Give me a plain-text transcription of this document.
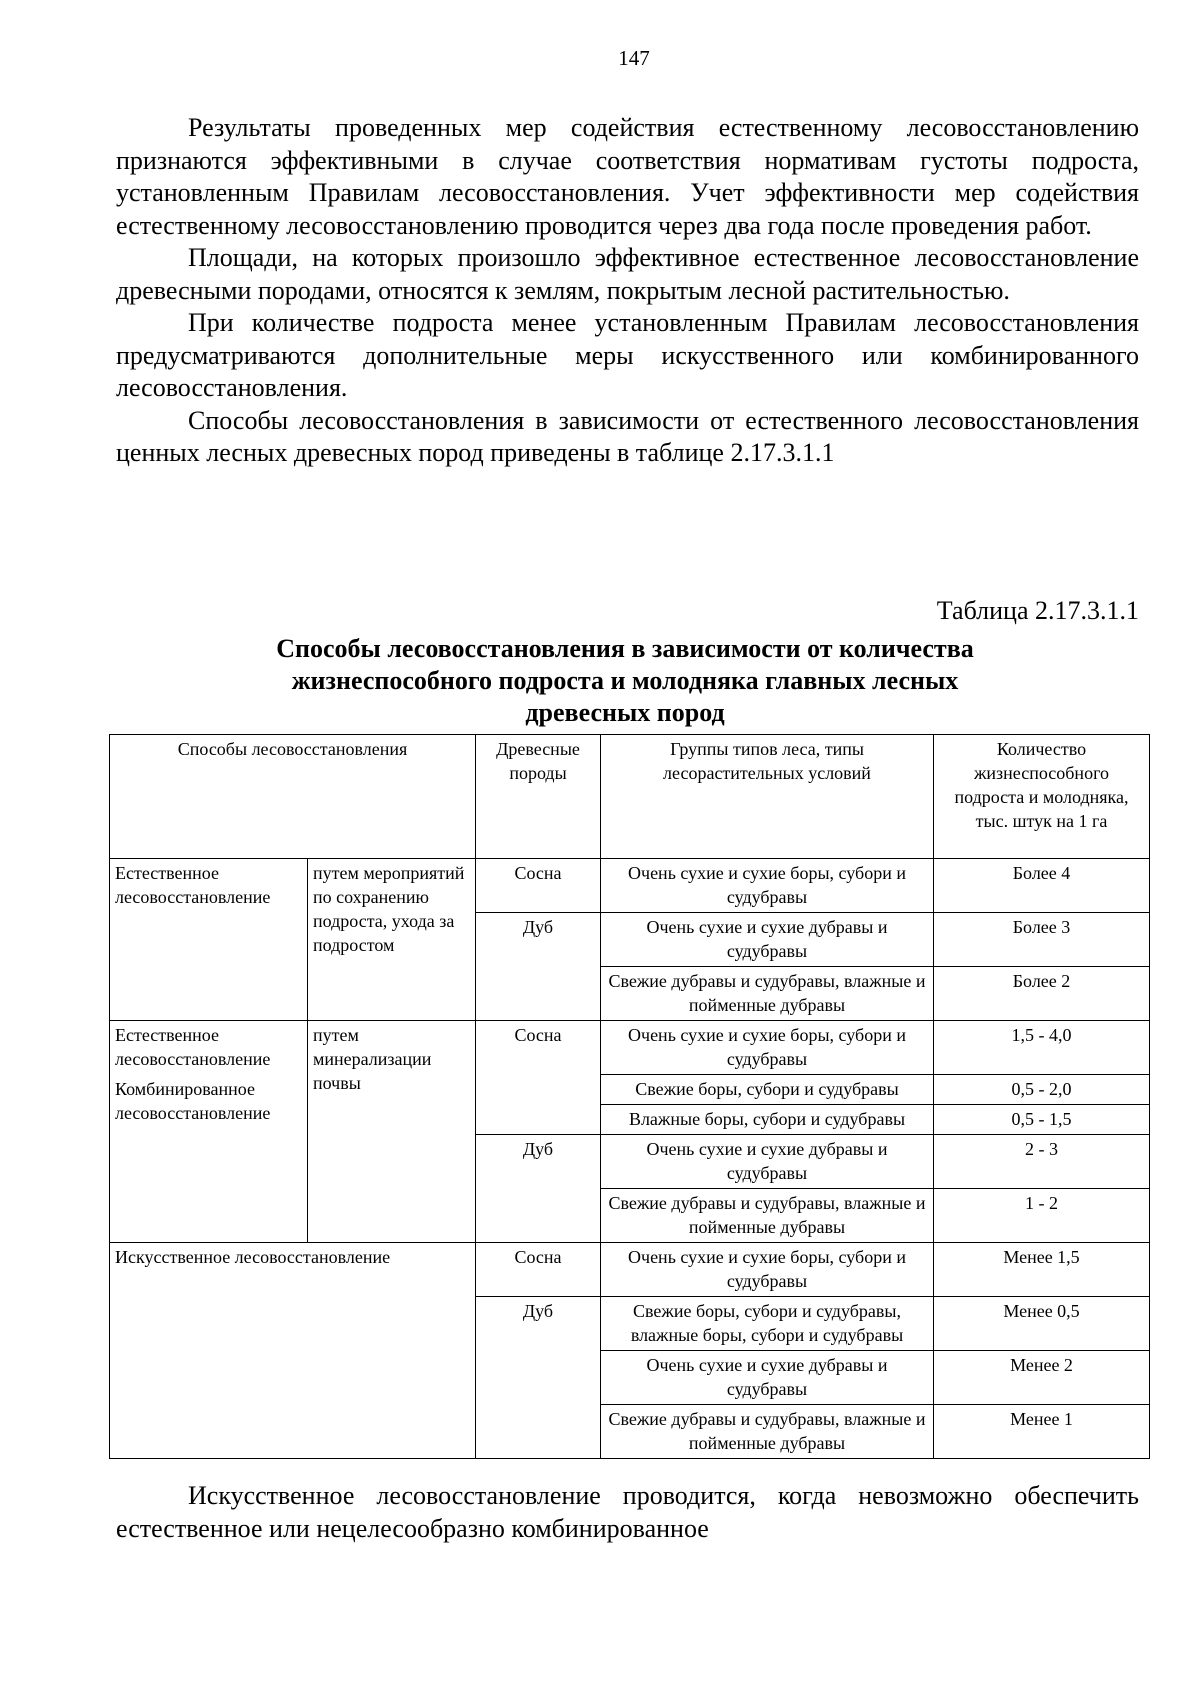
147

Результаты проведенных мер содействия естественному лесовосстановлению признаются эффективными в случае соответствия нормативам густоты подроста, установленным Правилам лесовосстановления. Учет эффективности мер содействия естественному лесовосстановлению проводится через два года после проведения работ.

Площади, на которых произошло эффективное естественное лесовосстановление древесными породами, относятся к землям, покрытым лесной растительностью.

При количестве подроста менее установленным Правилам лесовосстановления предусматриваются дополнительные меры искусственного или комбинированного лесовосстановления.

Способы лесовосстановления в зависимости от естественного лесовосстановления ценных лесных древесных пород приведены в таблице 2.17.3.1.1

Таблица 2.17.3.1.1
Способы лесовосстановления в зависимости от количества
жизнеспособного подроста и молодняка главных лесных
древесных пород
Способы лесовосстановления		Древесные породы	Группы типов леса, типы лесорастительных условий	Количество жизнеспособного подроста и молодняка, тыс. штук на 1 га
Естественное лесовосстановление	путем мероприятий по сохранению подроста, ухода за подростом	Сосна	Очень сухие и сухие боры, субори и судубравы	Более 4
		Дуб	Очень сухие и сухие дубравы и судубравы	Более 3
			Свежие дубравы и судубравы, влажные и пойменные дубравы	Более 2
Естественное лесовосстановление	путем минерализации почвы	Сосна	Очень сухие и сухие боры, субори и судубравы	1,5 - 4,0
Комбинированное лесовосстановление			Свежие боры, субори и судубравы	0,5 - 2,0
			Влажные боры, субори и судубравы	0,5 - 1,5
		Дуб	Очень сухие и сухие дубравы и судубравы	2 - 3
			Свежие дубравы и судубравы, влажные и пойменные дубравы	1 - 2
Искусственное лесовосстановление		Сосна	Очень сухие и сухие боры, субори и судубравы	Менее 1,5
		Дуб	Свежие боры, субори и судубравы, влажные боры, субори и судубравы	Менее 0,5
			Очень сухие и сухие дубравы и судубравы	Менее 2
			Свежие дубравы и судубравы, влажные и пойменные дубравы	Менее 1

Искусственное лесовосстановление проводится, когда невозможно обеспечить естественное или нецелесообразно комбинированное
